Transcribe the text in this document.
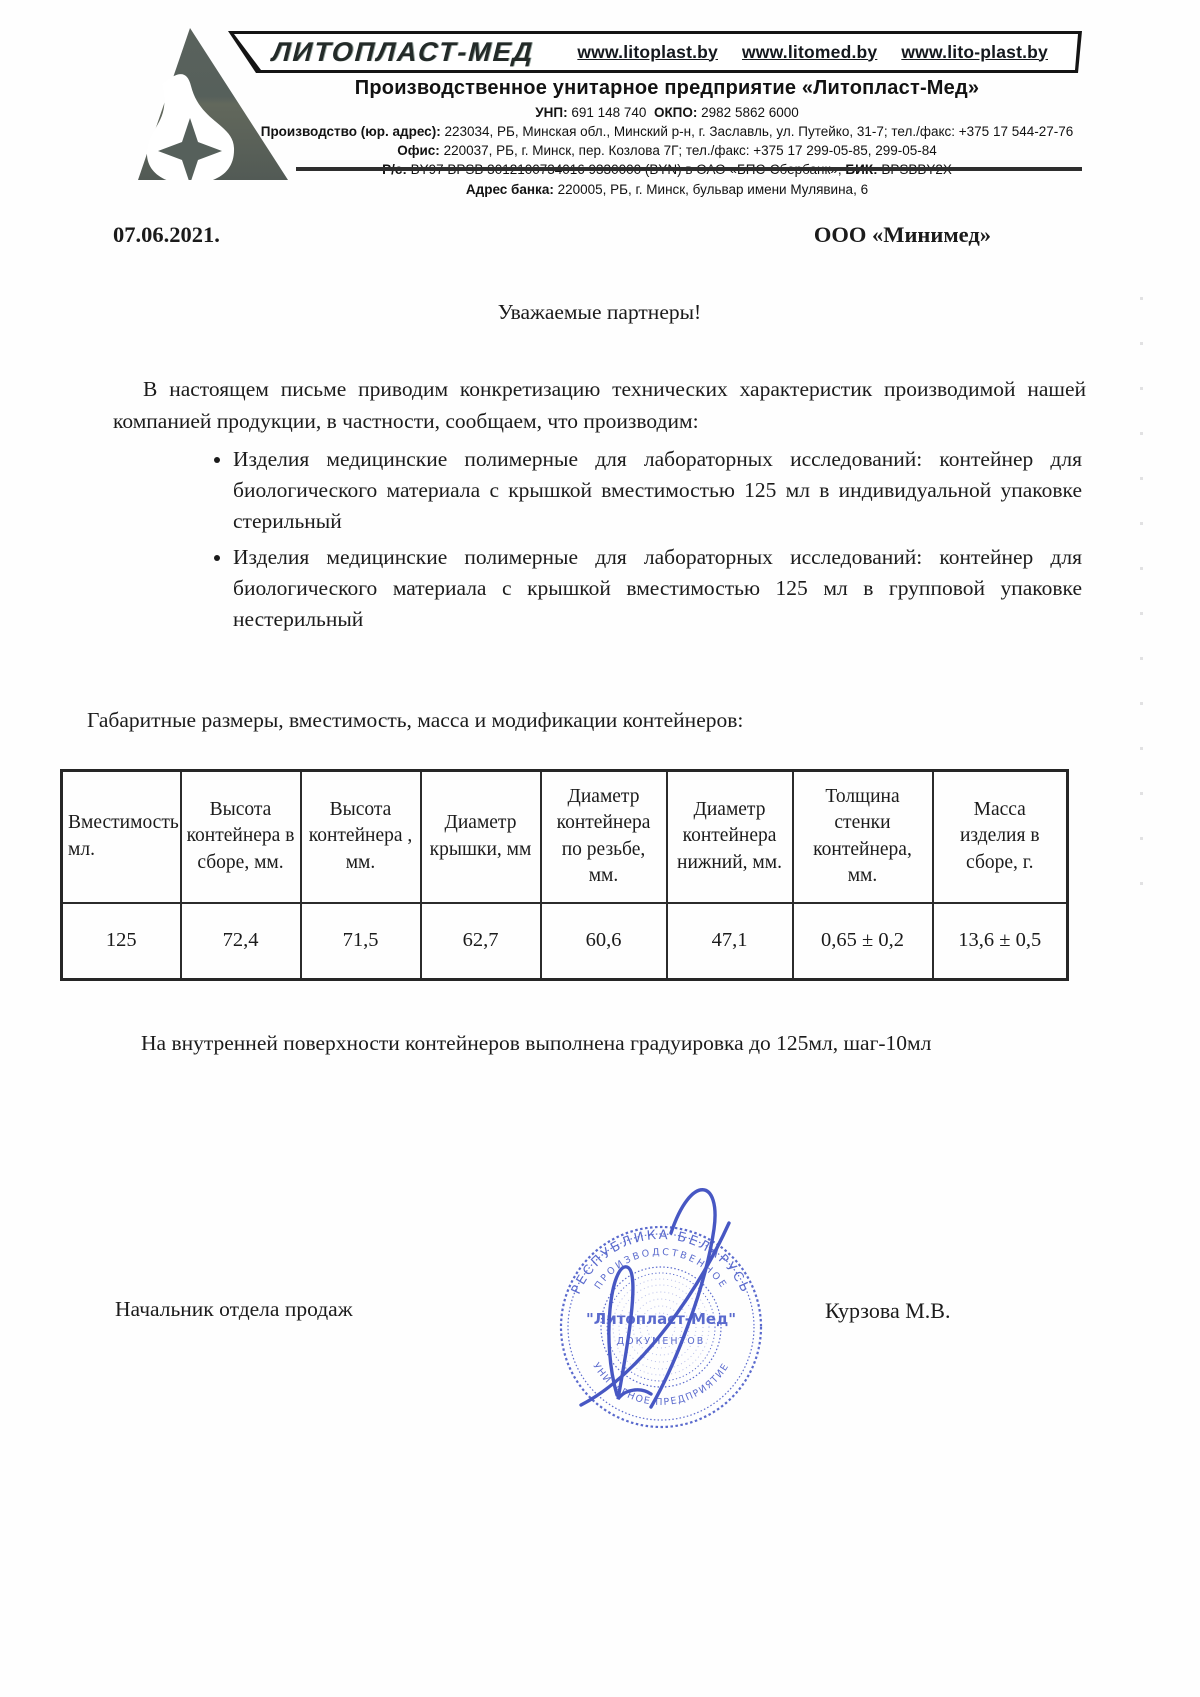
ЛИТОПЛАСТ-МЕД www.litoplast.by www.litomed.by www.lito-plast.by
Производственное унитарное предприятие «Литопласт-Мед»
УНП: 691 148 740 ОКПО: 2982 5862 6000
Производство (юр. адрес): 223034, РБ, Минская обл., Минский р-н, г. Заславль, ул. Путейко, 31-7; тел./факс: +375 17 544-27-76
Офис: 220037, РБ, г. Минск, пер. Козлова 7Г; тел./факс: +375 17 299-05-85, 299-05-84
Р/с: BY97 BPSB 3012100734016 9330000 (BYN) в ОАО «БПС-Сбербанк», БИК: BPSBBY2X
Адрес банка: 220005, РБ, г. Минск, бульвар имени Мулявина, 6
07.06.2021.	ООО «Минимед»
Уважаемые партнеры!

В настоящем письме приводим конкретизацию технических характеристик производимой нашей компанией продукции, в частности, сообщаем, что производим:

• Изделия медицинские полимерные для лабораторных исследований: контейнер для биологического материала с крышкой вместимостью 125 мл в индивидуальной упаковке стерильный
• Изделия медицинские полимерные для лабораторных исследований: контейнер для биологического материала с крышкой вместимостью 125 мл в групповой упаковке нестерильный
Габаритные размеры, вместимость, масса и модификации контейнеров:
Вместимость мл.	Высота контейнера в сборе, мм.	Высота контейнера , мм.	Диаметр крышки, мм	Диаметр контейнера по резьбе, мм.	Диаметр контейнера нижний, мм.	Толщина стенки контейнера, мм.	Масса изделия в сборе, г.
125	72,4	71,5	62,7	60,6	47,1	0,65 ± 0,2	13,6 ± 0,5

На внутренней поверхности контейнеров выполнена градуировка до 125мл, шаг-10мл

Начальник отдела продаж
РЕСПУБЛИКА БЕЛАРУСЬ
ПРОИЗВОДСТВЕННОЕ
УНИТАРНОЕ ПРЕДПРИЯТИЕ
"Литопласт-Мед"
ДОКУМЕНТОВ
Курзова М.В.
